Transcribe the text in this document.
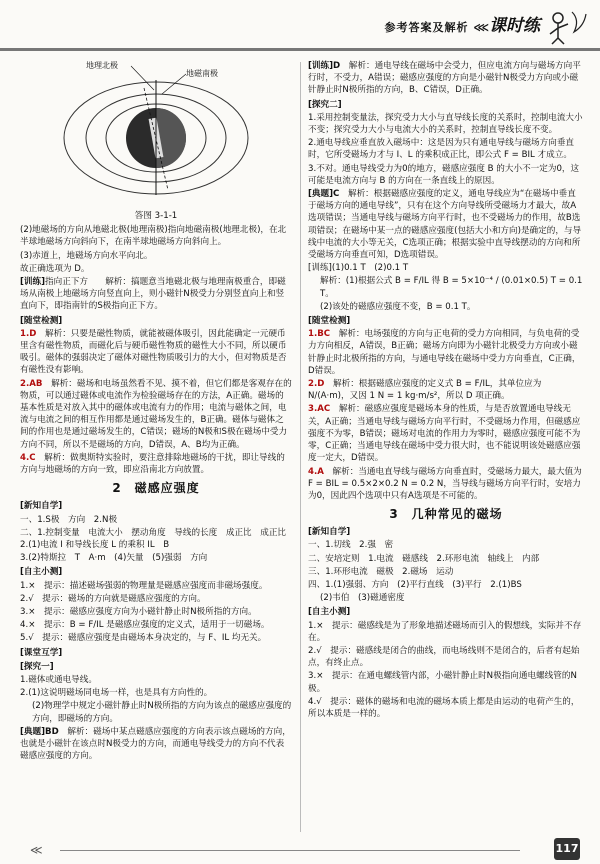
参考答案及解析 ⋘ 课时练
地理北极
地磁南极
答图 3-1-1

(2)地磁场的方向从地磁北极(地理南极)指向地磁南极(地理北极)，在北半球地磁场方向斜向下，在南半球地磁场方向斜向上。

(3)赤道上，地磁场方向水平向北。

故正确选项为 D。

[训练]指向正下方　　解析：搞题意当地磁北极与地理南极重合，即磁场从南极上地磁场方向竖直向上，则小磁针N极受力分别竖直向上和竖直向下，即指南针的S极指向正下方。

[随堂检测]

1.D　 解析：只要是磁性物质，就能被磁体吸引，因此能确定一元硬币里含有磁性物质，而磁化后与硬币磁性物质的磁性大小不同，所以硬币吸引。磁体的强弱决定了磁体对磁性物质吸引力的大小，但对物质是否有磁性没有影响。

2.AB　 解析：磁场和电场虽然看不见、摸不着，但它们都是客观存在的物质，可以通过磁体或电流作为检验磁场存在的方法，A正确。磁场的基本性质是对放入其中的磁体或电流有力的作用；电流与磁体之间，电流与电流之间的相互作用都是通过磁场发生的，B正确。磁体与磁体之间的作用也是通过磁场发生的，C错误；磁场的N极和S极在磁场中受力方向不同，所以不是磁场的方向，D错误，A、B均为正确。

4.C　 解析：做奥斯特实验时，要注意排除地磁场的干扰，即让导线的方向与地磁场的方向一致，即应沿南北方向放置。

2　磁感应强度

[新知自学]

一、1.S极　方向　2.N极

二、1.控制变量　电流大小　摆动角度　导线的长度　成正比　成正比　2.(1)电流 I 和导线长度 L 的乘积 IL　B

3.(2)特斯拉　T　A·m　(4)矢量　(5)强弱　方向

[自主小测]

1.×　提示：描述磁场强弱的物理量是磁感应强度而非磁场强度。

2.√　提示：磁场的方向就是磁感应强度的方向。

3.×　提示：磁感应强度方向为小磁针静止时N极所指的方向。

4.×　提示：B = F/IL 是磁感应强度的定义式，适用于一切磁场。

5.√　提示：磁感应强度是由磁场本身决定的，与 F、IL 均无关。

[课堂互学]

[探究一]

1.磁体或通电导线。

2.(1)这说明磁场同电场一样，也是具有方向性的。

(2)物理学中规定小磁针静止时N极所指的方向为该点的磁感应强度的方向，即磁场的方向。

[典题]BD　 解析：磁场中某点磁感应强度的方向表示该点磁场的方向，也就是小磁针在该点时N极受力的方向，而通电导线受力的方向不代表磁感应强度的方向。

[训练]D　 解析：通电导线在磁场中会受力，但应电流方向与磁场方向平行时，不受力，A错误；磁感应强度的方向是小磁针N极受力方向或小磁针静止时N极所指的方向，B、C错误，D正确。

[探究二]

1.采用控制变量法，探究受力大小与直导线长度的关系时，控制电流大小不变；探究受力大小与电流大小的关系时，控制直导线长度不变。

2.通电导线应垂直放入磁场中：这是因为只有通电导线与磁场方向垂直时，它所受磁场力才与 I、L 的乘积成正比，即公式 F = BIL 才成立。

3.不对。通电导线受力为0的地方，磁感应强度 B 的大小不一定为0，这可能是电流方向与 B 的方向在一条直线上的原因。

[典题]C　 解析：根据磁感应强度的定义，通电导线应为“在磁场中垂直于磁场方向的通电导线”，只有在这个方向导线所受磁场力才最大，故A选项错误；当通电导线与磁场方向平行时，也不受磁场力的作用，故B选项错误；在磁场中某一点的磁感应强度(包括大小和方向)是确定的，与导线中电流的大小等无关，C选项正确；根据实验中直导线摆动的方向和所受磁场方向垂直可知，D选项错误。

[训练](1)0.1 T　(2)0.1 T

解析：(1)根据公式 B = F/IL 得 B = 5×10⁻⁴ / (0.01×0.5) T = 0.1 T。

(2)该处的磁感应强度不变，B = 0.1 T。

[随堂检测]

1.BC　 解析：电场强度的方向与正电荷的受力方向相同，与负电荷的受力方向相反，A错误，B正确；磁场方向即为小磁针北极受力方向或小磁针静止时北极所指的方向，与通电导线在磁场中受力方向垂直，C正确，D错误。

2.D　 解析：根据磁感应强度的定义式 B = F/IL，其单位应为 N/(A·m)，又因 1 N = 1 kg·m/s²，所以 D 项正确。

3.AC　 解析：磁感应强度是磁场本身的性质，与是否放置通电导线无关，A正确；当通电导线与磁场方向平行时，不受磁场力作用，但磁感应强度不为零，B错误；磁场对电流的作用力为零时，磁感应强度可能不为零，C正确；当通电导线在磁场中受力很大时，也不能说明该处磁感应强度一定大，D错误。

4.A　 解析：当通电直导线与磁场方向垂直时，受磁场力最大，最大值为 F = BIL = 0.5×2×0.2 N = 0.2 N，当导线与磁场方向平行时，安培力为0，因此四个选项中只有A选项是不可能的。

3　几种常见的磁场

[新知自学]

一、1.切线　2.强　密

二、安培定则　1.电流　磁感线　2.环形电流　轴线上　内部

三、1.环形电流　磁极　2.磁场　运动

四、1.(1)强弱、方向　(2)平行直线　(3)平行　2.(1)BS

(2)韦伯　(3)磁通密度

[自主小测]

1.×　提示：磁感线是为了形象地描述磁场而引入的假想线，实际并不存在。

2.√　提示：磁感线是闭合的曲线，而电场线则不是闭合的，后者有起始点，有终止点。

3.×　提示：在通电螺线管内部，小磁针静止时N极指向通电螺线管的N极。

4.√　提示：磁体的磁场和电流的磁场本质上都是由运动的电荷产生的，所以本质是一样的。

≪	117
